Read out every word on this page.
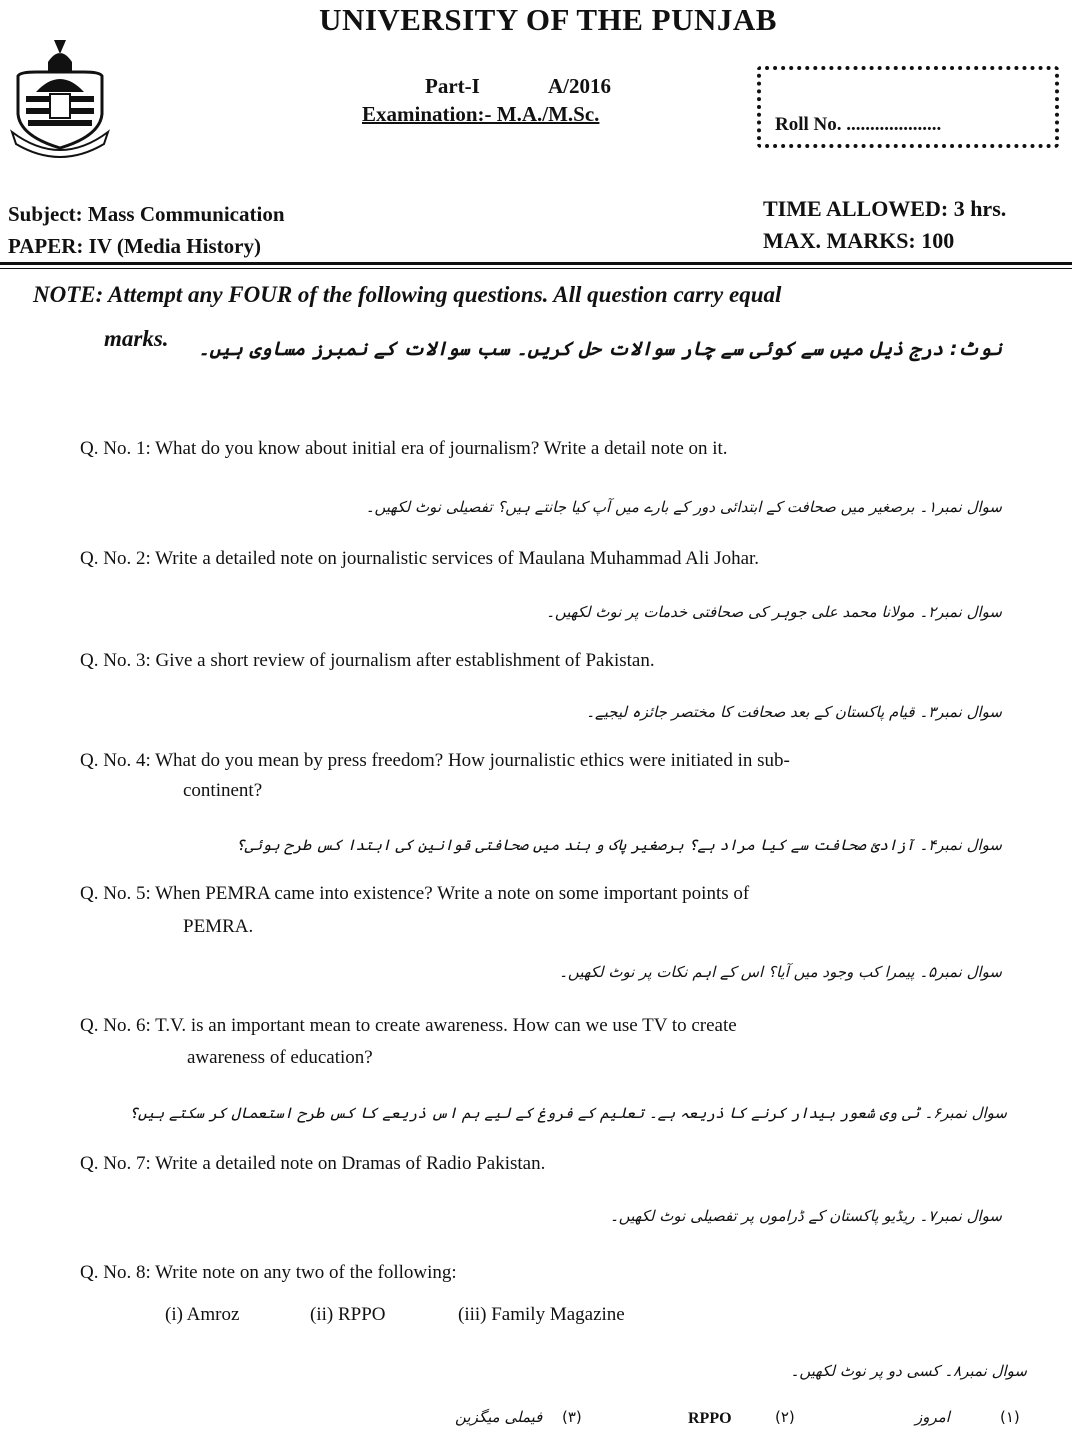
UNIVERSITY OF THE PUNJAB
Part-I	A/2016
Examination:- M.A./M.Sc.	Roll No. ....................
Subject: Mass Communication
PAPER: IV (Media History)
TIME ALLOWED: 3 hrs.
MAX. MARKS: 100
NOTE: Attempt any FOUR of the following questions. All question carry equal
marks. نوٹ: درج ذیل میں سے کوئی سے چار سوالات حل کریں۔ سب سوالات کے نمبرز مساوی ہیں۔
Q. No. 1: What do you know about initial era of journalism? Write a detail note on it.
سوال نمبر۱۔ برصغیر میں صحافت کے ابتدائی دور کے بارے میں آپ کیا جانتے ہیں؟ تفصیلی نوٹ لکھیں۔
Q. No. 2: Write a detailed note on journalistic services of Maulana Muhammad Ali Johar.
سوال نمبر۲۔ مولانا محمد علی جوہر کی صحافتی خدمات پر نوٹ لکھیں۔
Q. No. 3: Give a short review of journalism after establishment of Pakistan.
سوال نمبر۳۔ قیام پاکستان کے بعد صحافت کا مختصر جائزہ لیجیے۔
Q. No. 4: What do you mean by press freedom? How journalistic ethics were initiated in sub-
continent?
سوال نمبر۴۔ آزادیٔ صحافت سے کیا مراد ہے؟ برصغیر پاک و ہند میں صحافتی قوانین کی ابتدا کس طرح ہوئی؟
Q. No. 5: When PEMRA came into existence? Write a note on some important points of
PEMRA.
سوال نمبر۵۔ پیمرا کب وجود میں آیا؟ اس کے اہم نکات پر نوٹ لکھیں۔
Q. No. 6: T.V. is an important mean to create awareness. How can we use TV to create
awareness of education?
سوال نمبر۶۔ ٹی وی شعور بیدار کرنے کا ذریعہ ہے۔ تعلیم کے فروغ کے لیے ہم اس ذریعے کا کس طرح استعمال کر سکتے ہیں؟
Q. No. 7: Write a detailed note on Dramas of Radio Pakistan.
سوال نمبر۷۔ ریڈیو پاکستان کے ڈراموں پر تفصیلی نوٹ لکھیں۔
Q. No. 8: Write note on any two of the following:
(i) Amroz	(ii) RPPO	(iii) Family Magazine
سوال نمبر۸۔ کسی دو پر نوٹ لکھیں۔
(۱)
امروز
(۲)
RPPO
(۳)
فیملی میگزین
